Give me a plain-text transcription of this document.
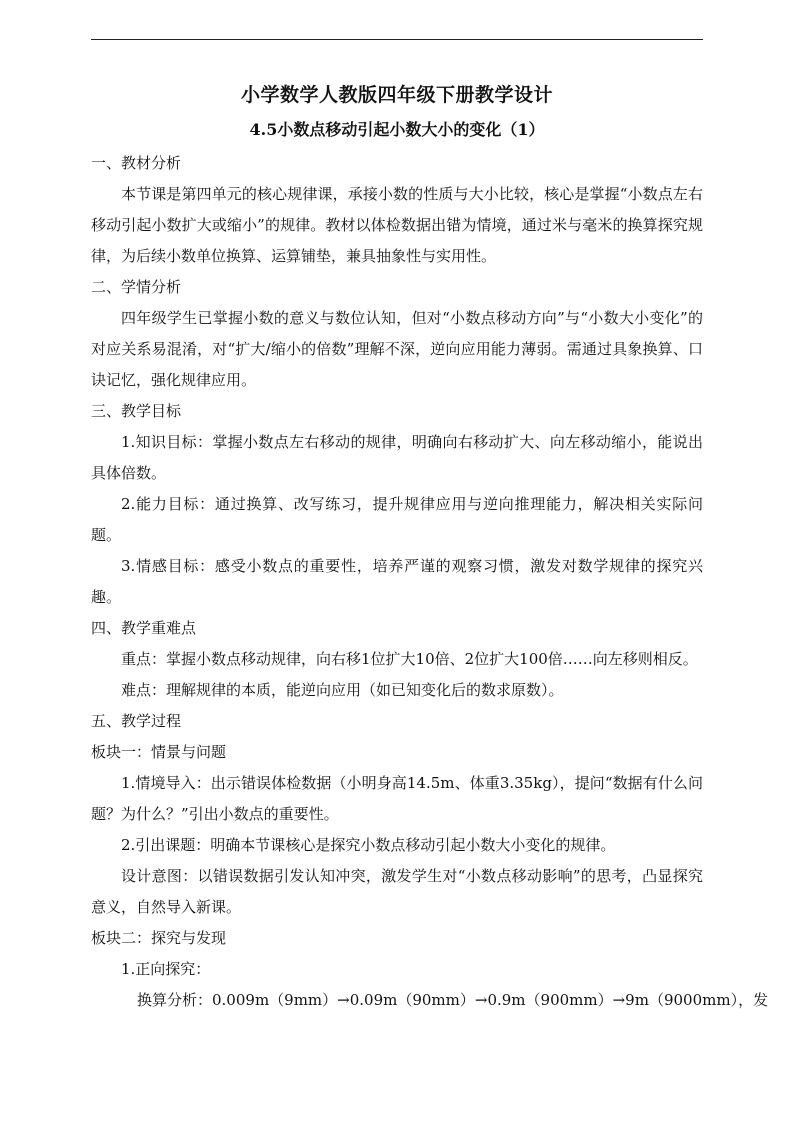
小学数学人教版四年级下册教学设计
4.5小数点移动引起小数大小的变化（1）

一、教材分析

本节课是第四单元的核心规律课，承接小数的性质与大小比较，核心是掌握“小数点左右移动引起小数扩大或缩小”的规律。教材以体检数据出错为情境，通过米与毫米的换算探究规律，为后续小数单位换算、运算铺垫，兼具抽象性与实用性。

二、学情分析

四年级学生已掌握小数的意义与数位认知，但对“小数点移动方向”与“小数大小变化”的对应关系易混淆，对“扩大/缩小的倍数”理解不深，逆向应用能力薄弱。需通过具象换算、口诀记忆，强化规律应用。

三、教学目标

1.知识目标：掌握小数点左右移动的规律，明确向右移动扩大、向左移动缩小，能说出具体倍数。

2.能力目标：通过换算、改写练习，提升规律应用与逆向推理能力，解决相关实际问题。

3.情感目标：感受小数点的重要性，培养严谨的观察习惯，激发对数学规律的探究兴趣。

四、教学重难点

重点：掌握小数点移动规律，向右移1位扩大10倍、2位扩大100倍……向左移则相反。

难点：理解规律的本质，能逆向应用（如已知变化后的数求原数）。

五、教学过程

板块一：情景与问题

1.情境导入：出示错误体检数据（小明身高14.5m、体重3.35kg），提问“数据有什么问题？为什么？”引出小数点的重要性。

2.引出课题：明确本节课核心是探究小数点移动引起小数大小变化的规律。

设计意图：以错误数据引发认知冲突，激发学生对“小数点移动影响”的思考，凸显探究意义，自然导入新课。

板块二：探究与发现

1.正向探究：

换算分析：0.009m（9mm）→0.09m（90mm）→0.9m（900mm）→9m（9000mm），发
